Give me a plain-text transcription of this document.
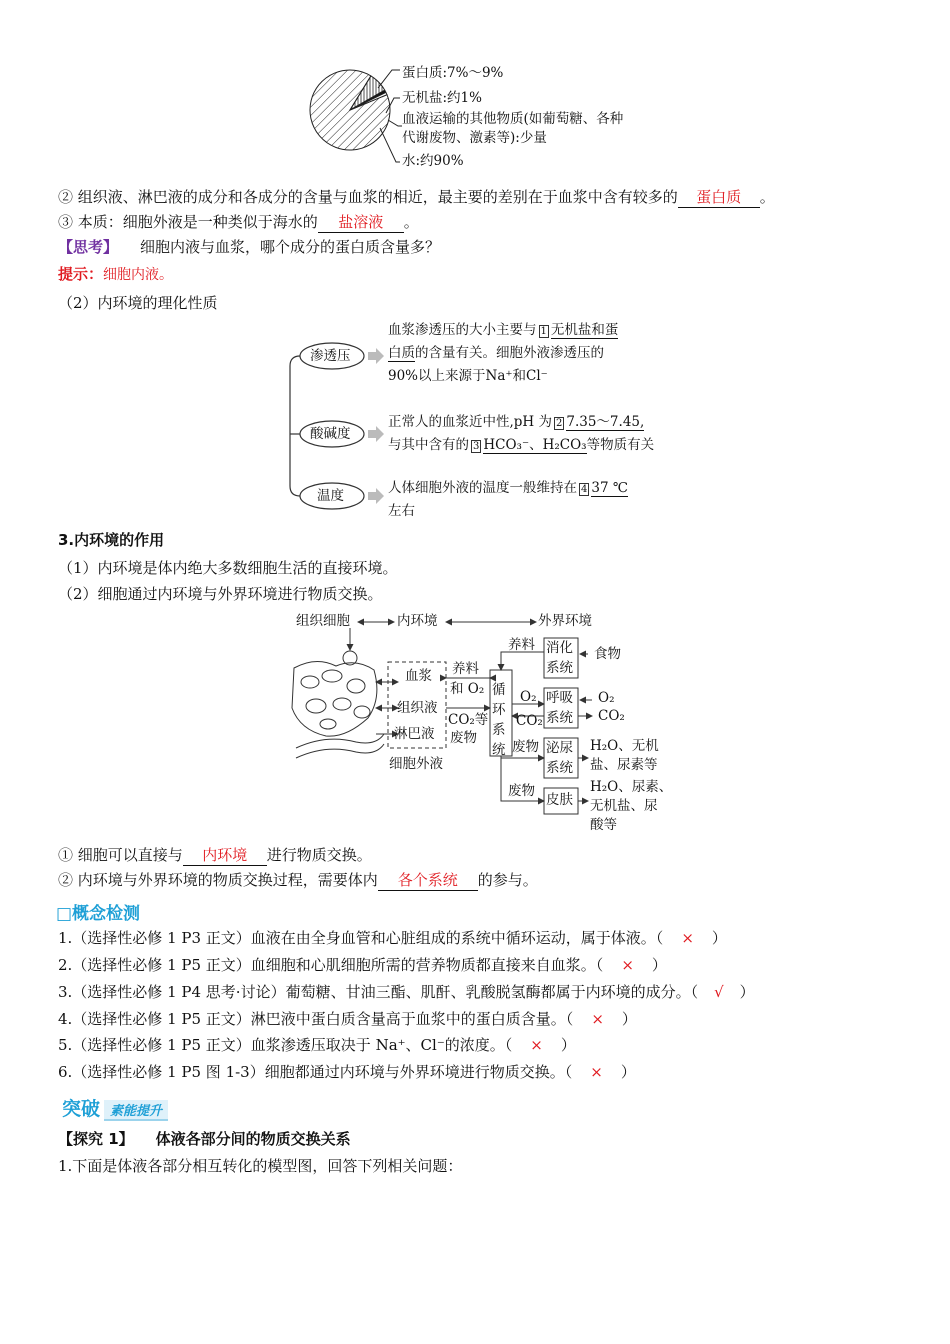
蛋白质:7%～9%
无机盐:约1%
血液运输的其他物质(如葡萄糖、各种
代谢废物、激素等):少量
水:约90%
② 组织液、淋巴液的成分和各成分的含量与血浆的相近，最主要的差别在于血浆中含有较多的 蛋白质 。
③ 本质：细胞外液是一种类似于海水的 盐溶液 。
【思考】 细胞内液与血浆，哪个成分的蛋白质含量多？
提示：细胞内液。
（2）内环境的理化性质
渗透压
酸碱度
温度
血浆渗透压的大小主要与 1 无机盐和蛋
白质的含量有关。细胞外液渗透压的
90%以上来源于Na⁺和Cl⁻
正常人的血浆近中性,pH 为 2 7.35～7.45,
与其中含有的 3 HCO₃⁻、H₂CO₃等物质有关
人体细胞外液的温度一般维持在 4 37 ℃
左右
3.内环境的作用
（1）内环境是体内绝大多数细胞生活的直接环境。
（2）细胞通过内环境与外界环境进行物质交换。
组织细胞	内环境	外界环境
血浆
组织液
淋巴液
细胞外液
养料
和 O₂
CO₂等
废物
循
环
系
统
养料 消化
系统
食物
O₂
CO₂
呼吸
系统
O₂
CO₂
废物 泌尿
系统
H₂O、无机
盐、尿素等
废物
皮肤
H₂O、尿素、
无机盐、尿
酸等
① 细胞可以直接与 内环境 进行物质交换。
② 内环境与外界环境的物质交换过程，需要体内 各个系统 的参与。
□概念检测
1.（选择性必修 1 P3 正文）血液在由全身血管和心脏组成的系统中循环运动，属于体液。（ × ）
2.（选择性必修 1 P5 正文）血细胞和心肌细胞所需的营养物质都直接来自血浆。（ × ）
3.（选择性必修 1 P4 思考·讨论）葡萄糖、甘油三酯、肌酐、乳酸脱氢酶都属于内环境的成分。（ √ ）
4.（选择性必修 1 P5 正文）淋巴液中蛋白质含量高于血浆中的蛋白质含量。（ × ）
5.（选择性必修 1 P5 正文）血浆渗透压取决于 Na⁺、Cl⁻的浓度。（ × ）
6.（选择性必修 1 P5 图 1-3）细胞都通过内环境与外界环境进行物质交换。（ × ）
突破 素能提升
【探究 1】 体液各部分间的物质交换关系
1.下面是体液各部分相互转化的模型图，回答下列相关问题：
